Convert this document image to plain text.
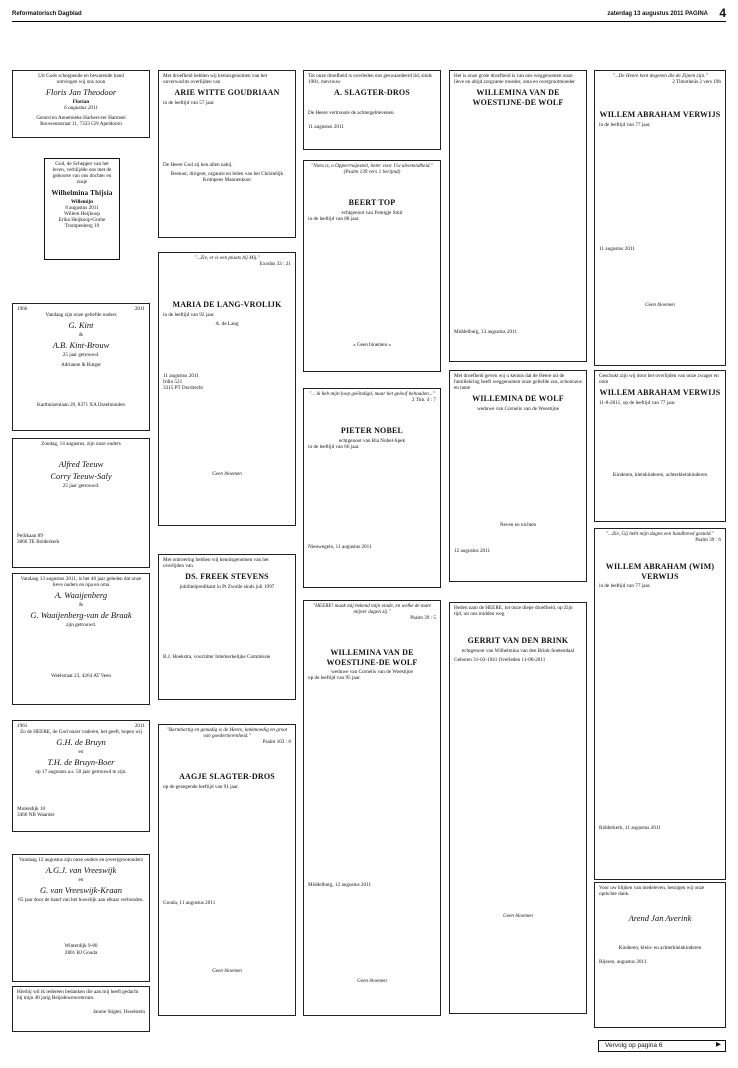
Reformatorisch Dagblad	zaterdag 13 augustus 2011 PAGINA 4
Uit Gods scheppende en bewarende hand
ontvingen wij ons zoon
Floris Jan Theodoor
Florian
6 augustus 2011
Gerard en Annemieke Harbers-ter Harmsel
Rouwensstraat 11, 7333 GN Apeldoorn
God, de Schepper van het leven, verblijdde ons met de geboorte van ons dochter en zusje
Wilhelmina Thijsia
Willemijn
8 augustus 2011
Willem Heijkoop
Erika Heijkoop-Grobe
Trompenberg 19
1966	2011
Vandaag zijn onze geliefde ouders
G. Kint
&
A.B. Kint-Brouw
25 jaar getrouwd.
Adrianne & Rutger
Kartbuizenlaan 29, 8371 XA IJsselmuiden
Zondag, 14 augustus, zijn onze ouders
Alfred Teeuw
Corry Teeuw-Saly
25 jaar getrouwd.
Pellikaan 89
3866 TE Bolderkerk
Vandaag 13 augustus 2011, is het 40 jaar geleden dat onze lieve ouders en opa en oma
A. Waaijenberg
&
G. Waaijenberg-van de Braak
zijn getrouwd.
Weelstraat 23, 4264 AT Veen
1961	2011
Zo de HEERE, de God onzer vaderen, het geeft, hopen wij
G.H. de Bruyn
en
T.H. de Bruyn-Boer
op 17 augustus a.s. 50 jaar getrouwd te zijn.
Molendijk 10
3466 NB Waarder
Vandaag 12 augustus zijn onze ouders en (over)grootouders
A.G.J. van Vreeswijk
en
G. van Vreeswijk-Kraan
65 jaar door de hand van het huwelijk aan elkaar verbonden.
Winterdijk 9-80
2801 BJ Gouda
Hierbij wil ik iedereen bedanken die aan mij heeft gedacht bij mijn 40 jarig Beijsdewencentrum.
Jannie Stigter, IJsselstein
Met droefheid hebben wij kennisgenomen van het onverwachts overlijden van
ARIE WITTE GOUDRIAAN
in de leeftijd van 57 jaar.
De Heere God zij hen allen nabij.
Bestuur, dirigent, organist en leden van het Christelijk Krimpens Mannenkoor
"...Zie, er is een plaats bij Mij."
Exodus 33 : 21
MARIA DE LANG-VROLIJK
in de leeftijd van 92 jaar.
A. de Lang
11 augustus 2011
Irdin 521
3315 PT Dordrecht
Geen bloemen
Met ontroering hebben wij kennisgenomen van het overlijden van
DS. FREEK STEVENS
jubilitelpredikant in Pt Zwolle sinds juli 1997
B.J. Hoekstra, voorzitter Interkerkelijke Commissie
"Barmhartig en genadig is de Heere, lankmoedig en groot van goedertierenheid."
Psalm 103 : 8
AAGJE SLAGTER-DROS
op de gezegende leeftijd van 91 jaar.
Gouda, 11 augustus 2011
Geen bloemen
Tot onze droefheid is overleden ons geswaardeerd lid, sinds 1981, mevrouw
A. SLAGTER-DROS
De Heere vertrooste de achtergeblevenen.
11 augustus 2011
"Niets is, o Opperrnajesteit, beter voor Uw alwetendheid."
(Psalm 139 vers 1 berijmd)
BEERT TOP
echtgenoot van Femigje Smit
in de leeftijd van 88 jaar.
« Geen bloemen »
"... ik heb mijn loop geëindigd, maar het geloof behouden..."
2 Tim. 4 : 7
PIETER NOBEL
echtgenoot van Ria Nobel-Spek
in de leeftijd van 66 jaar.
Nieuwegein, 11 augustus 2011
"HEERE! maak mij bekend mijn einde, en welke de mate mijner dagen zij."
Psalm 39 : 5
WILLEMINA VAN DE WOESTIJNE-DE WOLF
weduwe van Cornelis van de Woestijne
op de leeftijd van 95 jaar.
Middelburg, 12 augustus 2011
Geen bloemen
Het is onze grote droefheid is van ons weggenomen onze lieve en altijd zorgzame moeder, oma en overgrootmoeder
WILLEMINA VAN DE WOESTIJNE-DE WOLF
Middelburg, 13 augustus 2011
Met droefheid geven wij u kennis dat de Heere uit de familiekring heeft weggenomen onze geliefde zus, schoonzus en tante
WILLEMINA DE WOLF
weduwe van Cornelis van de Woestijne
Neven en nichten
12 augustus 2011
Heden nam de HEERE, tot onze diepe droefheid, op Zijn tijd, uit ons midden weg
GERRIT VAN DEN BRINK
echtgenoot van Wilhelmina van den Brink-Soetendaal
Geboren 31-03-1941 Overleden 11-08-2011
Geen bloemen
"...De Heere kent degenen die de Zijnen zijn."
2 Timotheüs 2 vers 19b
WILLEM ABRAHAM VERWIJS
in de leeftijd van 77 jaar.
11 augustus 2011
Geen bloemen
Geschokt zijn wij door het overlijden van onze zwager en oom
WILLEM ABRAHAM VERWIJS
11-8-2011, op de leeftijd van 77 jaar.
Kinderen, kleinkinderen, achterkleinkinderen
"...Zie, Gij hebt mijn dagen een handbreed gesteld."
Psalm 39 : 6
WILLEM ABRAHAM (WIM) VERWIJS
in de leeftijd van 77 jaar.
Ridderkerk, 11 augustus 2011
Voor uw blijken van medeleven, betuigen wij onze oprechte dank.
Arend Jan Averink
Kinderen, klein- en achterkleinkinderen
Rijssen, augustus 2011
Vervolg op pagina 6	▶
